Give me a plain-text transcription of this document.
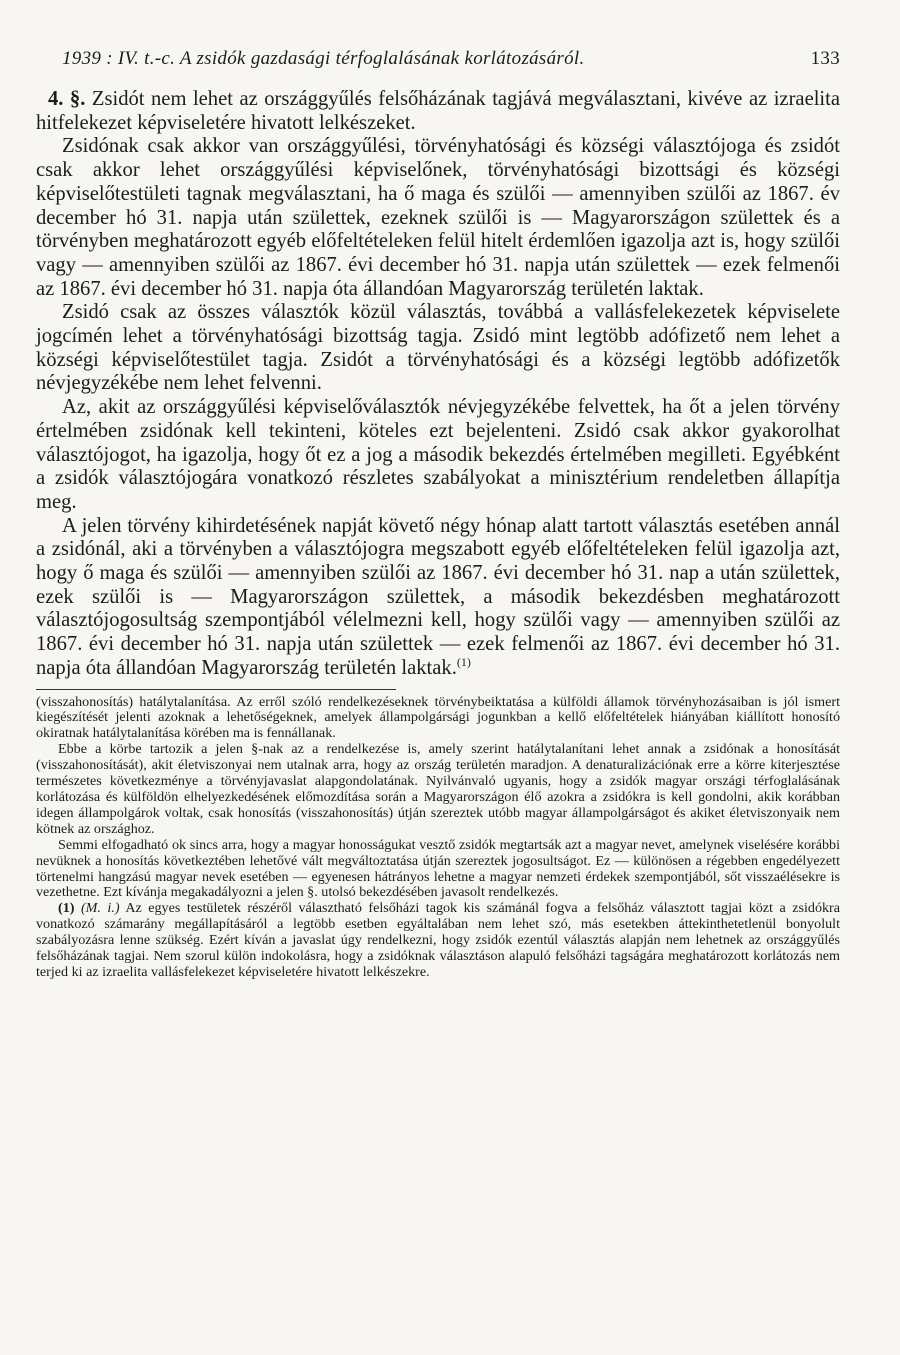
1939 : IV. t.-c. A zsidók gazdasági térfoglalásának korlátozásáról.	133

4. §. Zsidót nem lehet az országgyűlés felsőházának tagjává megválasztani, kivéve az izraelita hitfelekezet képviseletére hivatott lelkészeket.

Zsidónak csak akkor van országgyűlési, törvényhatósági és községi választójoga és zsidót csak akkor lehet országgyűlési képviselőnek, törvényhatósági bizottsági és községi képviselőtestületi tagnak megválasztani, ha ő maga és szülői — amennyiben szülői az 1867. év december hó 31. napja után születtek, ezeknek szülői is — Magyarországon születtek és a törvényben meghatározott egyéb előfeltételeken felül hitelt érdemlően igazolja azt is, hogy szülői vagy — amennyiben szülői az 1867. évi december hó 31. napja után születtek — ezek felmenői az 1867. évi december hó 31. napja óta állandóan Magyarország területén laktak.

Zsidó csak az összes választók közül választás, továbbá a vallásfelekezetek képviselete jogcímén lehet a törvényhatósági bizottság tagja. Zsidó mint legtöbb adófizető nem lehet a községi képviselőtestület tagja. Zsidót a törvényhatósági és a községi legtöbb adófizetők névjegyzékébe nem lehet felvenni.

Az, akit az országgyűlési képviselőválasztók névjegyzékébe felvettek, ha őt a jelen törvény értelmében zsidónak kell tekinteni, köteles ezt bejelenteni. Zsidó csak akkor gyakorolhat választójogot, ha igazolja, hogy őt ez a jog a második bekezdés értelmében megilleti. Egyébként a zsidók választójogára vonatkozó részletes szabályokat a minisztérium rendeletben állapítja meg.

A jelen törvény kihirdetésének napját követő négy hónap alatt tartott választás esetében annál a zsidónál, aki a törvényben a választójogra megszabott egyéb előfeltételeken felül igazolja azt, hogy ő maga és szülői — amennyiben szülői az 1867. évi december hó 31. nap a után születtek, ezek szülői is — Magyarországon születtek, a második bekezdésben meghatározott választójogosultság szempontjából vélelmezni kell, hogy szülői vagy — amennyiben szülői az 1867. évi december hó 31. napja után születtek — ezek felmenői az 1867. évi december hó 31. napja óta állandóan Magyarország területén laktak.$^{(1)}$

(visszahonosítás) hatálytalanítása. Az erről szóló rendelkezéseknek törvénybeiktatása a külföldi államok törvényhozásaiban is jól ismert kiegészítését jelenti azoknak a lehetőségeknek, amelyek állampolgársági jogunkban a kellő előfeltételek hiányában kiállított honosító okiratnak hatálytalanítása körében ma is fennállanak.

Ebbe a körbe tartozik a jelen §-nak az a rendelkezése is, amely szerint hatálytalanítani lehet annak a zsidónak a honosítását (visszahonosítását), akit életviszonyai nem utalnak arra, hogy az ország területén maradjon. A denaturalizációnak erre a körre kiterjesztése természetes következménye a törvényjavaslat alapgondolatának. Nyilvánvaló ugyanis, hogy a zsidók magyar országi térfoglalásának korlátozása és külföldön elhelyezkedésének előmozdítása során a Magyarországon élő azokra a zsidókra is kell gondolni, akik korábban idegen állampolgárok voltak, csak honosítás (visszahonosítás) útján szereztek utóbb magyar állampolgárságot és akiket életviszonyaik nem kötnek az országhoz.

Semmi elfogadható ok sincs arra, hogy a magyar honosságukat vesztő zsidók megtartsák azt a magyar nevet, amelynek viselésére korábbi nevüknek a honosítás következtében lehetővé vált megváltoztatása útján szereztek jogosultságot. Ez — különösen a régebben engedélyezett törtenelmi hangzású magyar nevek esetében — egyenesen hátrányos lehetne a magyar nemzeti érdekek szempontjából, sőt visszaélésekre is vezethetne. Ezt kívánja megakadályozni a jelen §. utolsó bekezdésében javasolt rendelkezés.

(1) (M. i.) Az egyes testületek részéről választható felsőházi tagok kis számánál fogva a felsőház választott tagjai közt a zsidókra vonatkozó számarány megállapításáról a legtöbb esetben egyáltalában nem lehet szó, más esetekben áttekinthetetlenül bonyolult szabályozásra lenne szükség. Ezért kíván a javaslat úgy rendelkezni, hogy zsidók ezentúl választás alapján nem lehetnek az országgyűlés felsőházának tagjai. Nem szorul külön indokolásra, hogy a zsidóknak választáson alapuló felsőházi tagságára meghatározott korlátozás nem terjed ki az izraelita vallásfelekezet képviseletére hivatott lelkészekre.
